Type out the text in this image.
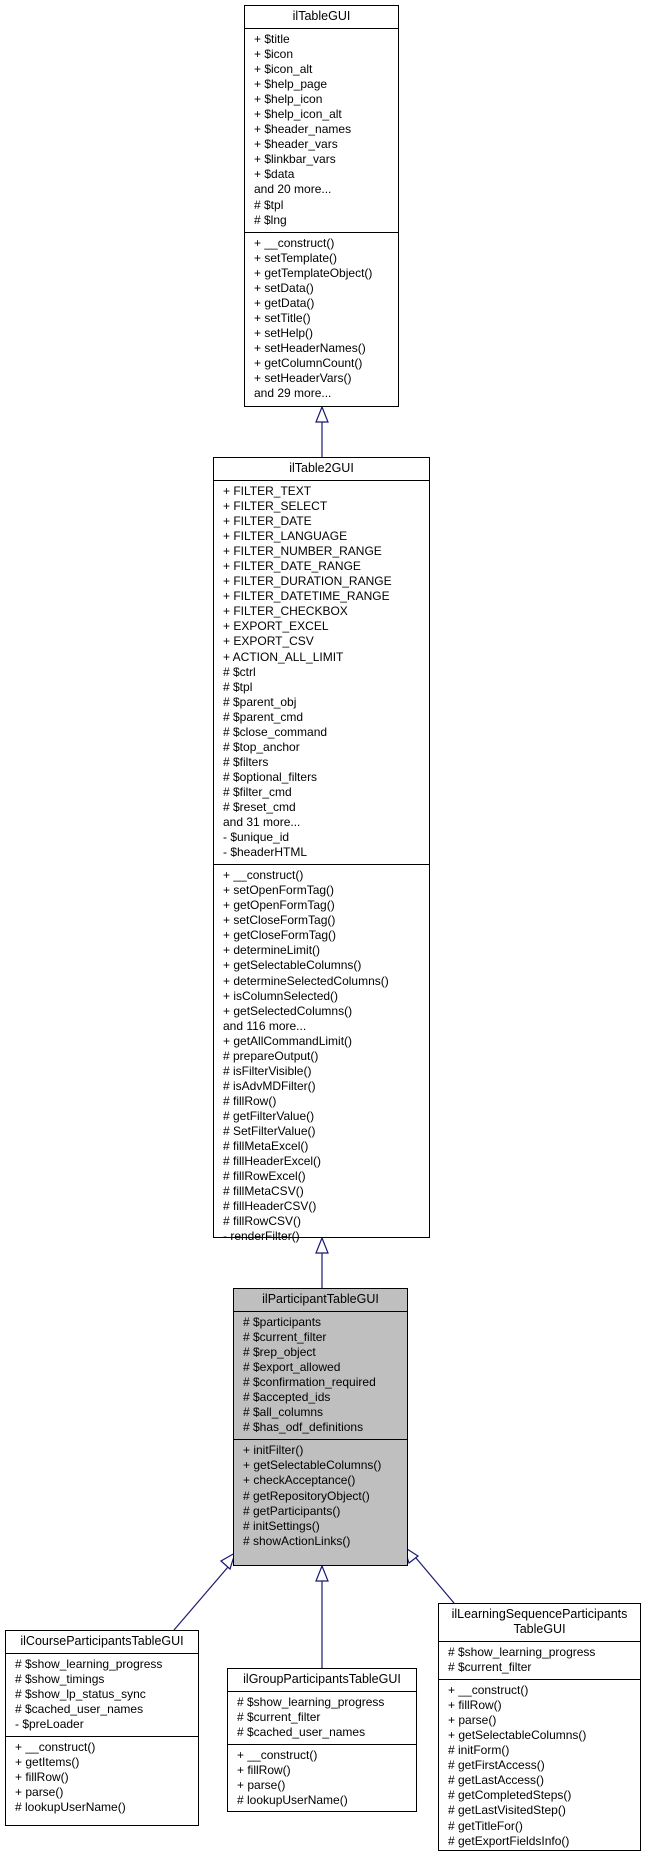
ilTableGUI
+ $title
+ $icon
+ $icon_alt
+ $help_page
+ $help_icon
+ $help_icon_alt
+ $header_names
+ $header_vars
+ $linkbar_vars
+ $data
and 20 more...
# $tpl
# $lng
+ __construct()
+ setTemplate()
+ getTemplateObject()
+ setData()
+ getData()
+ setTitle()
+ setHelp()
+ setHeaderNames()
+ getColumnCount()
+ setHeaderVars()
and 29 more...
ilTable2GUI
+ FILTER_TEXT
+ FILTER_SELECT
+ FILTER_DATE
+ FILTER_LANGUAGE
+ FILTER_NUMBER_RANGE
+ FILTER_DATE_RANGE
+ FILTER_DURATION_RANGE
+ FILTER_DATETIME_RANGE
+ FILTER_CHECKBOX
+ EXPORT_EXCEL
+ EXPORT_CSV
+ ACTION_ALL_LIMIT
# $ctrl
# $tpl
# $parent_obj
# $parent_cmd
# $close_command
# $top_anchor
# $filters
# $optional_filters
# $filter_cmd
# $reset_cmd
and 31 more...
- $unique_id
- $headerHTML
+ __construct()
+ setOpenFormTag()
+ getOpenFormTag()
+ setCloseFormTag()
+ getCloseFormTag()
+ determineLimit()
+ getSelectableColumns()
+ determineSelectedColumns()
+ isColumnSelected()
+ getSelectedColumns()
and 116 more...
+ getAllCommandLimit()
# prepareOutput()
# isFilterVisible()
# isAdvMDFilter()
# fillRow()
# getFilterValue()
# SetFilterValue()
# fillMetaExcel()
# fillHeaderExcel()
# fillRowExcel()
# fillMetaCSV()
# fillHeaderCSV()
# fillRowCSV()
- renderFilter()
ilParticipantTableGUI
# $participants
# $current_filter
# $rep_object
# $export_allowed
# $confirmation_required
# $accepted_ids
# $all_columns
# $has_odf_definitions
+ initFilter()
+ getSelectableColumns()
+ checkAcceptance()
# getRepositoryObject()
# getParticipants()
# initSettings()
# showActionLinks()
ilCourseParticipantsTableGUI
# $show_learning_progress
# $show_timings
# $show_lp_status_sync
# $cached_user_names
- $preLoader
+ __construct()
+ getItems()
+ fillRow()
+ parse()
# lookupUserName()
ilGroupParticipantsTableGUI
# $show_learning_progress
# $current_filter
# $cached_user_names
+ __construct()
+ fillRow()
+ parse()
# lookupUserName()
ilLearningSequenceParticipants
TableGUI
# $show_learning_progress
# $current_filter
+ __construct()
+ fillRow()
+ parse()
+ getSelectableColumns()
# initForm()
# getFirstAccess()
# getLastAccess()
# getCompletedSteps()
# getLastVisitedStep()
# getTitleFor()
# getExportFieldsInfo()
